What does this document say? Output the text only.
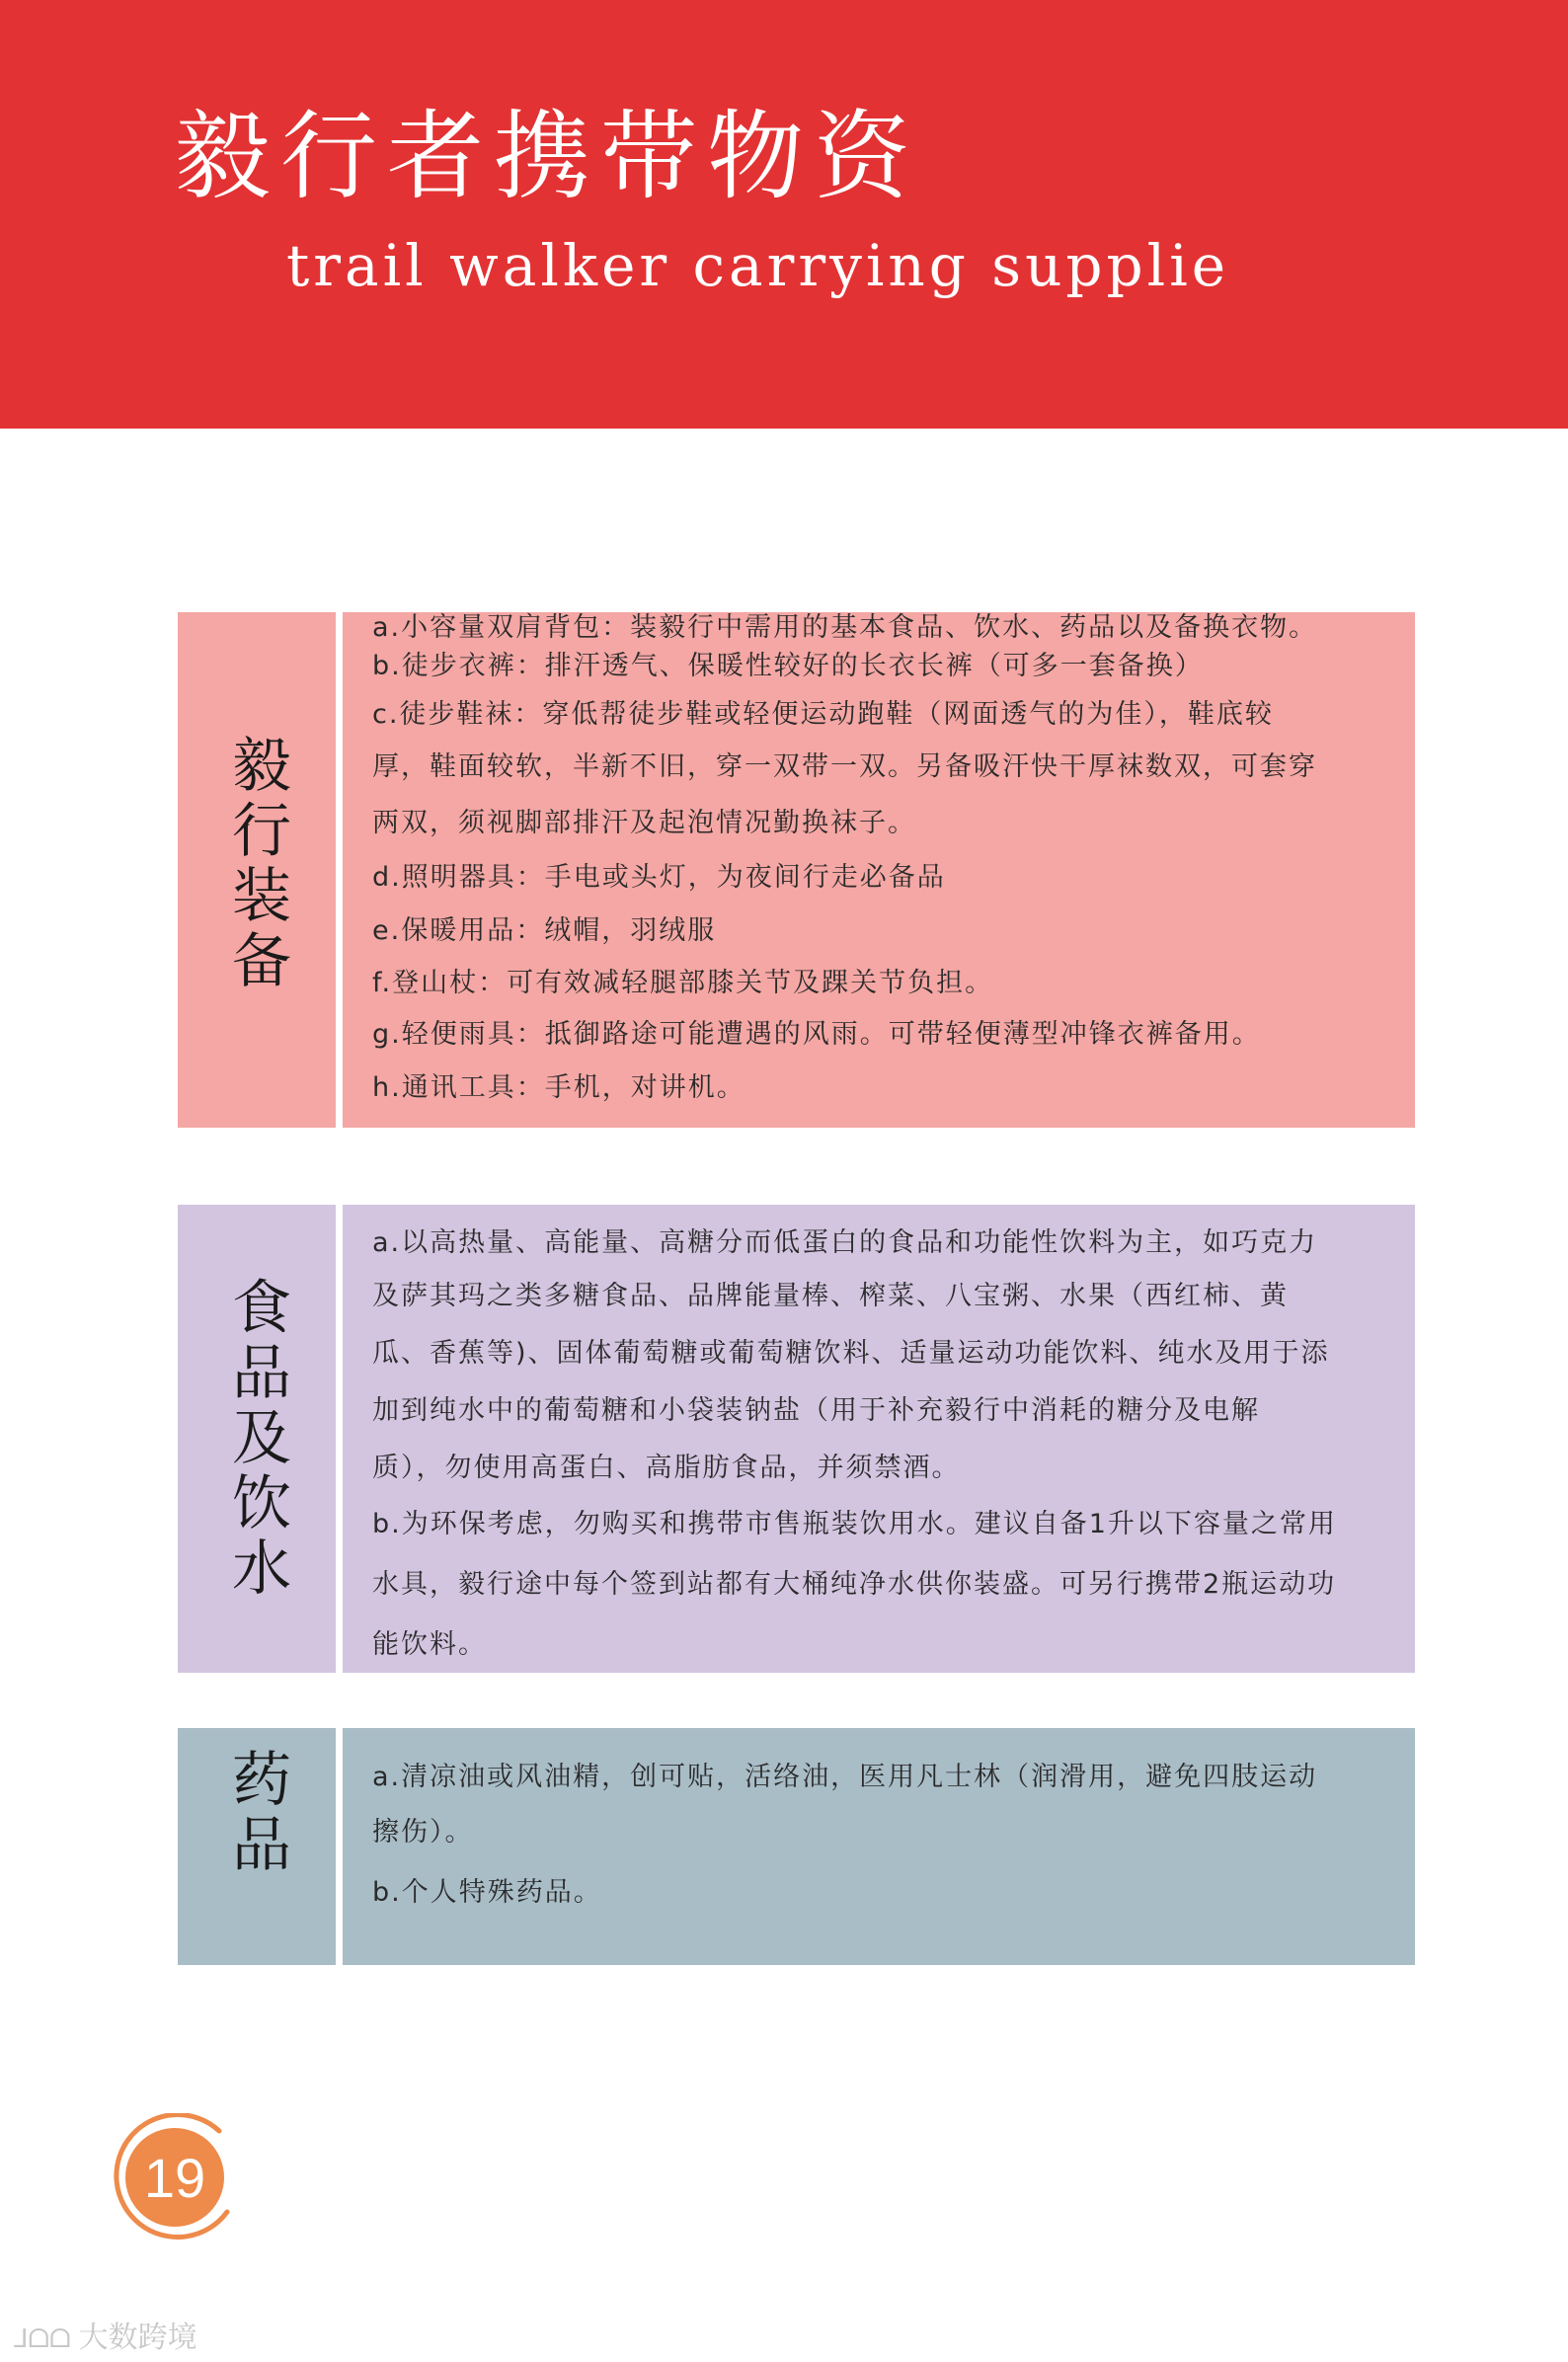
毅行者携带物资
trail walker carrying supplie
毅行装备

a.小容量双肩背包：装毅行中需用的基本食品、饮水、药品以及备换衣物。

b.徒步衣裤：排汗透气、保暖性较好的长衣长裤（可多一套备换）

c.徒步鞋袜：穿低帮徒步鞋或轻便运动跑鞋（网面透气的为佳），鞋底较

厚，鞋面较软，半新不旧，穿一双带一双。另备吸汗快干厚袜数双，可套穿

两双，须视脚部排汗及起泡情况勤换袜子。

d.照明器具：手电或头灯，为夜间行走必备品

e.保暖用品：绒帽，羽绒服

f.登山杖：可有效减轻腿部膝关节及踝关节负担。

g.轻便雨具：抵御路途可能遭遇的风雨。可带轻便薄型冲锋衣裤备用。

h.通讯工具：手机，对讲机。

食品及饮水

a.以高热量、高能量、高糖分而低蛋白的食品和功能性饮料为主，如巧克力

及萨其玛之类多糖食品、品牌能量棒、榨菜、八宝粥、水果（西红柿、黄

瓜、香蕉等)、固体葡萄糖或葡萄糖饮料、适量运动功能饮料、纯水及用于添

加到纯水中的葡萄糖和小袋装钠盐（用于补充毅行中消耗的糖分及电解

质），勿使用高蛋白、高脂肪食品，并须禁酒。

b.为环保考虑，勿购买和携带市售瓶装饮用水。建议自备1升以下容量之常用

水具，毅行途中每个签到站都有大桶纯净水供你装盛。可另行携带2瓶运动功

能饮料。

药品	a.清凉油或风油精，创可贴，活络油，医用凡士林（润滑用，避免四肢运动

擦伤）。

b.个人特殊药品。

19
⅃ᗝᗝ 大数跨境
